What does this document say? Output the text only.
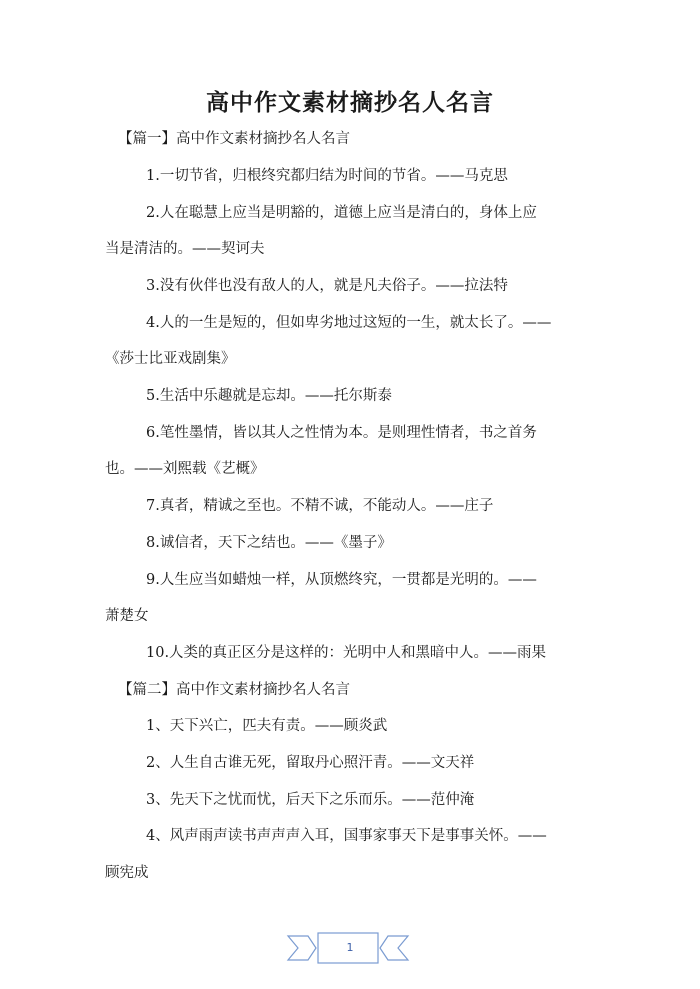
高中作文素材摘抄名人名言
【篇一】高中作文素材摘抄名人名言
1.一切节省，归根终究都归结为时间的节省。——马克思
2.人在聪慧上应当是明豁的，道德上应当是清白的，身体上应
当是清洁的。——契诃夫
3.没有伙伴也没有敌人的人，就是凡夫俗子。——拉法特
4.人的一生是短的，但如卑劣地过这短的一生，就太长了。——
《莎士比亚戏剧集》
5.生活中乐趣就是忘却。——托尔斯泰
6.笔性墨情，皆以其人之性情为本。是则理性情者，书之首务
也。——刘熙载《艺概》
7.真者，精诚之至也。不精不诚，不能动人。——庄子
8.诚信者，天下之结也。——《墨子》
9.人生应当如蜡烛一样，从顶燃终究，一贯都是光明的。——
萧楚女
10.人类的真正区分是这样的：光明中人和黑暗中人。——雨果
【篇二】高中作文素材摘抄名人名言
1、天下兴亡，匹夫有责。——顾炎武
2、人生自古谁无死，留取丹心照汗青。——文天祥
3、先天下之忧而忧，后天下之乐而乐。——范仲淹
4、风声雨声读书声声声入耳，国事家事天下是事事关怀。——
顾宪成
1
